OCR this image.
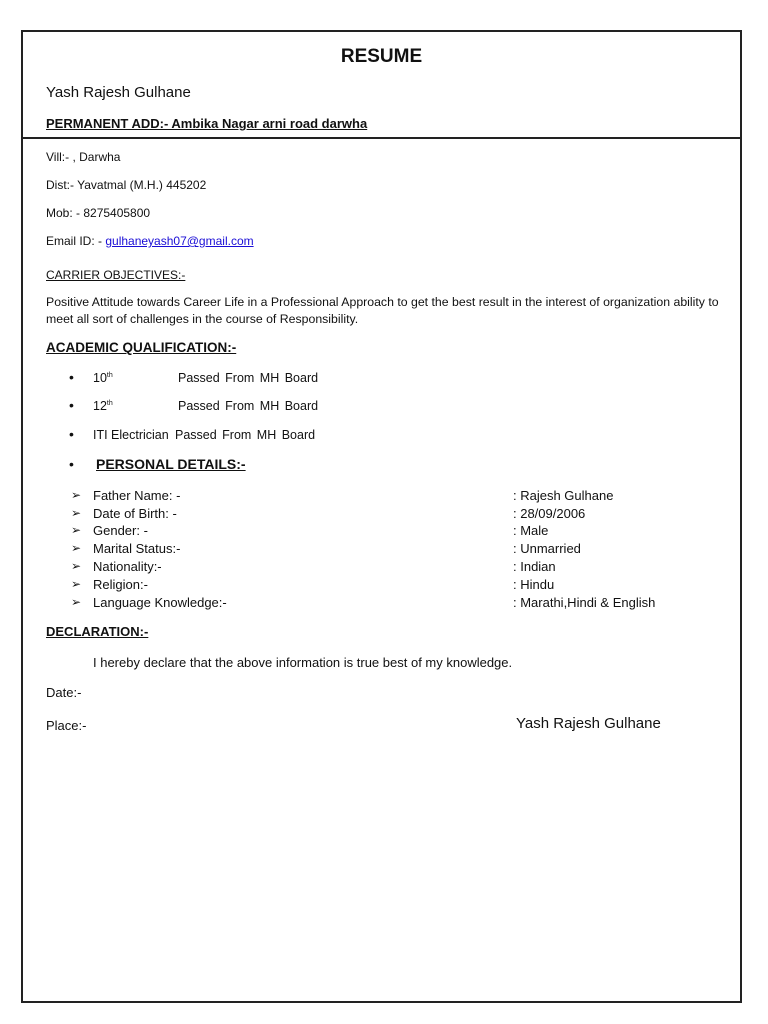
RESUME
Yash Rajesh Gulhane
PERMANENT ADD:- Ambika Nagar arni road darwha
Vill:- , Darwha
Dist:- Yavatmal (M.H.) 445202
Mob: - 8275405800
Email ID: - gulhaneyash07@gmail.com
CARRIER OBJECTIVES:-
Positive Attitude towards Career Life in a Professional Approach to get the best result in the interest of organization ability to meet all sort of challenges in the course of Responsibility.
ACADEMIC QUALIFICATION:-
• 10th	Passed From MH Board
• 12th	Passed From MH Board
• ITI Electrician Passed From MH Board
• PERSONAL DETAILS:-
➢ Father Name: -	: Rajesh Gulhane
➢ Date of Birth: -	: 28/09/2006
➢ Gender: -	: Male
➢ Marital Status:-	: Unmarried
➢ Nationality:-	: Indian
➢ Religion:-	: Hindu
➢ Language Knowledge:-	: Marathi,Hindi & English
DECLARATION:-
I hereby declare that the above information is true best of my knowledge.
Date:-
Place:-	Yash Rajesh Gulhane
